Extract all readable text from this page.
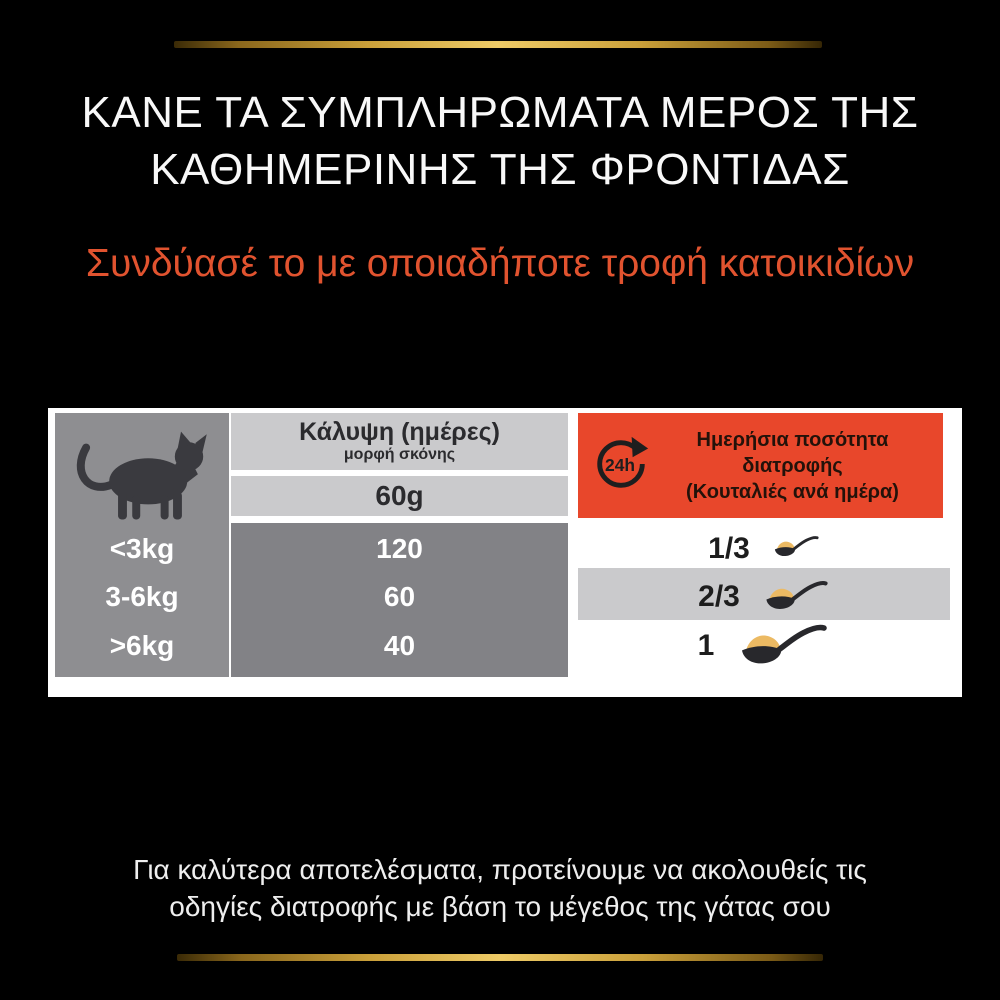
ΚΑΝΕ ΤΑ ΣΥΜΠΛΗΡΩΜΑΤΑ ΜΕΡΟΣ ΤΗΣ
ΚΑΘΗΜΕΡΙΝΗΣ ΤΗΣ ΦΡΟΝΤΙΔΑΣ
Συνδύασέ το με οποιαδήποτε τροφή κατοικιδίων
Κάλυψη (ημέρες)
μορφή σκόνης
60g
24h
Ημερήσια ποσότητα
διατροφής
(Κουταλιές ανά ημέρα)
<3kg
3-6kg
>6kg
120
60
40
1/3
2/3
1
Για καλύτερα αποτελέσματα, προτείνουμε να ακολουθείς τις
οδηγίες διατροφής με βάση το μέγεθος της γάτας σου
